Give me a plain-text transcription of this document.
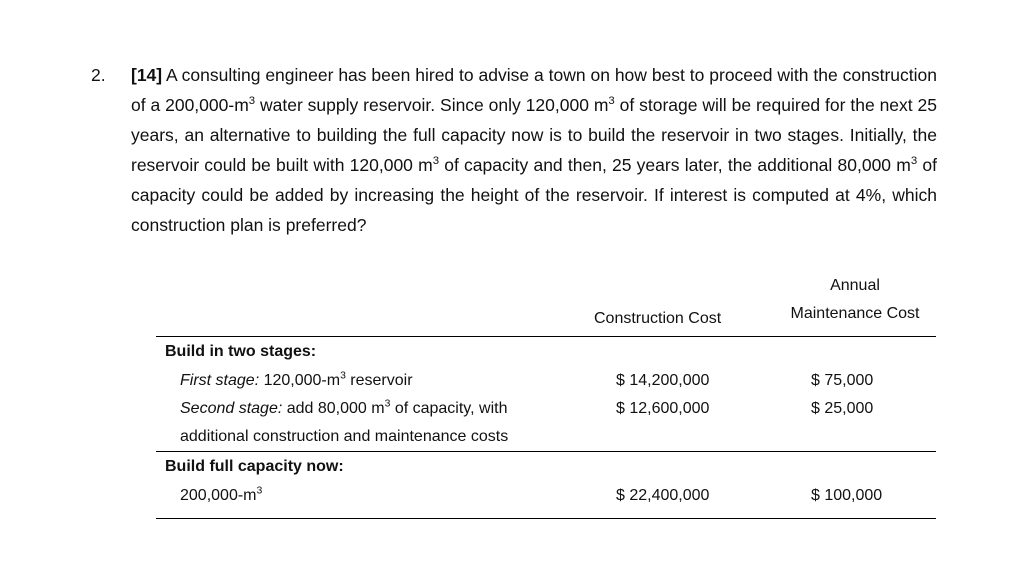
2. [14] A consulting engineer has been hired to advise a town on how best to proceed with the construction of a $200,000-m^3$ water supply reservoir. Since only 120,000 $m^3$ of storage will be required for the next 25 years, an alternative to building the full capacity now is to build the reservoir in two stages. Initially, the reservoir could be built with 120,000 $m^3$ of capacity and then, 25 years later, the additional 80,000 $m^3$ of capacity could be added by increasing the height of the reservoir. If interest is computed at 4%, which construction plan is preferred?
Construction Cost
Annual
Maintenance Cost
Build in two stages:
First stage: $120,000-m^3$ reservoir	$ 14,200,000	$ 75,000
Second stage: add 80,000 $m^3$ of capacity, with	$ 12,600,000	$ 25,000
additional construction and maintenance costs
Build full capacity now:
$200,000-m^3$	$ 22,400,000	$ 100,000
